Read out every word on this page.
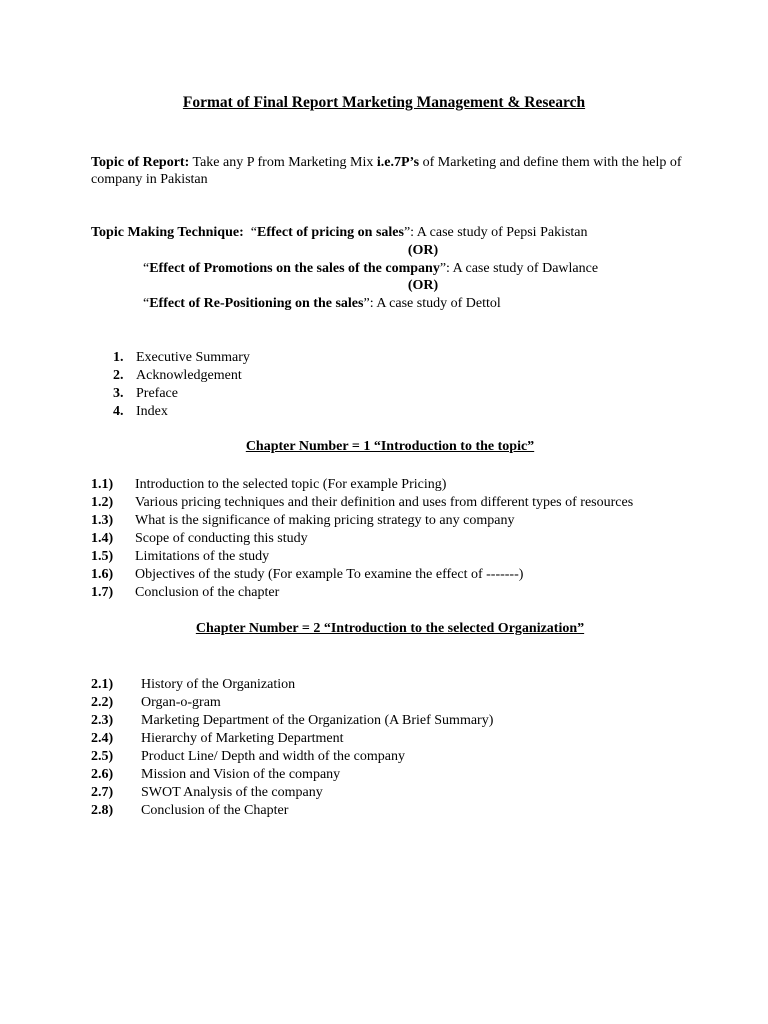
Format of Final Report Marketing Management & Research
Topic of Report: Take any P from Marketing Mix i.e.7P’s of Marketing and define them with the help of company in Pakistan
Topic Making Technique: “Effect of pricing on sales”: A case study of Pepsi Pakistan
(OR)
“Effect of Promotions on the sales of the company”: A case study of Dawlance
(OR)
“Effect of Re-Positioning on the sales”: A case study of Dettol
1. Executive Summary
2. Acknowledgement
3. Preface
4. Index
Chapter Number = 1 “Introduction to the topic”
1.1)	Introduction to the selected topic (For example Pricing)
1.2)	Various pricing techniques and their definition and uses from different types of resources
1.3)	What is the significance of making pricing strategy to any company
1.4)	Scope of conducting this study
1.5)	Limitations of the study
1.6)	Objectives of the study (For example To examine the effect of -------)
1.7)	Conclusion of the chapter
Chapter Number = 2 “Introduction to the selected Organization”
2.1)	History of the Organization
2.2)	Organ-o-gram
2.3)	Marketing Department of the Organization (A Brief Summary)
2.4)	Hierarchy of Marketing Department
2.5)	Product Line/ Depth and width of the company
2.6)	Mission and Vision of the company
2.7)	SWOT Analysis of the company
2.8)	Conclusion of the Chapter
